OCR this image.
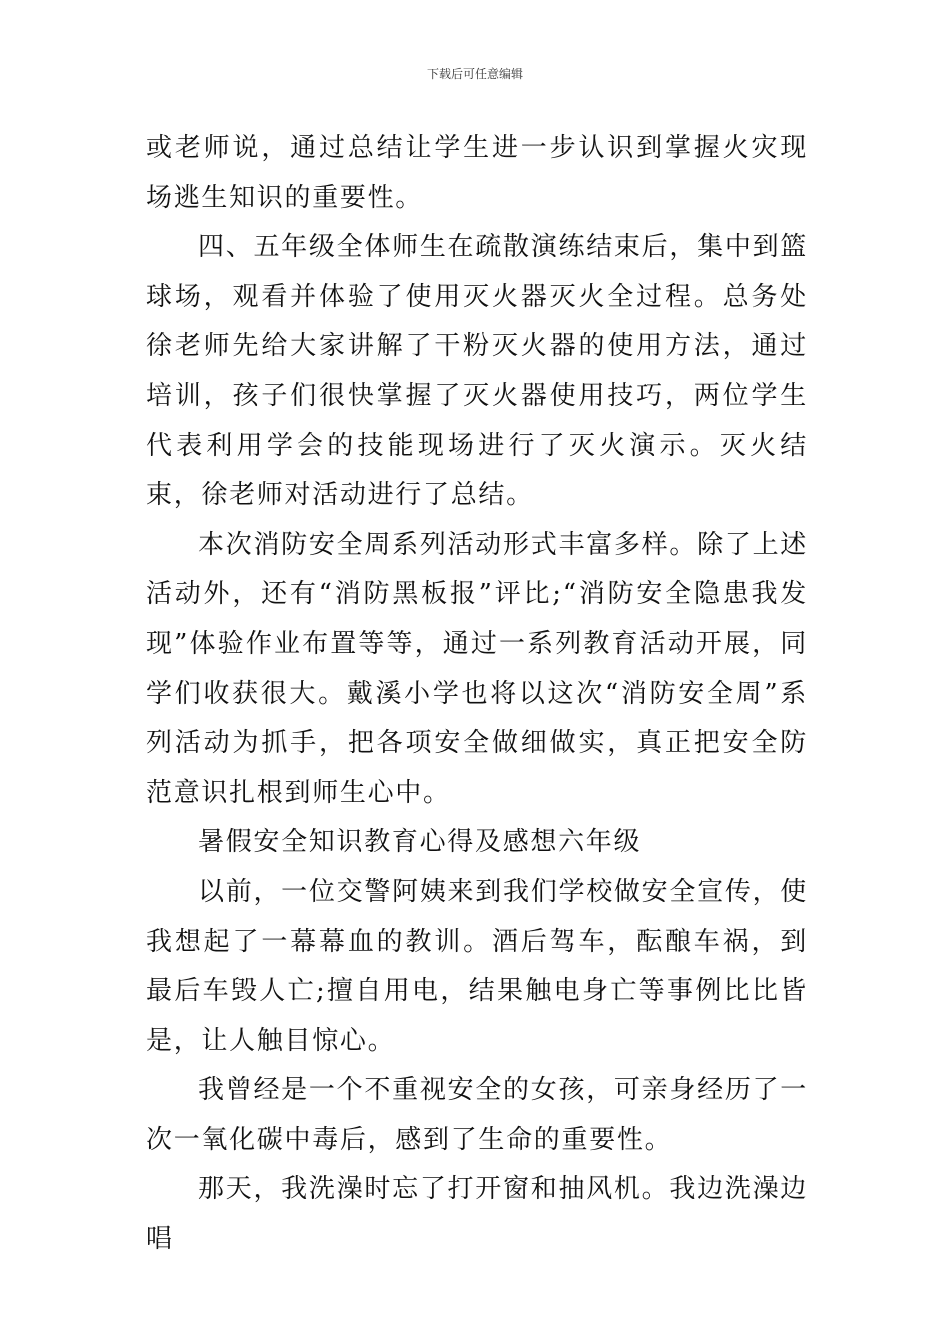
下载后可任意编辑

或老师说，通过总结让学生进一步认识到掌握火灾现场逃生知识的重要性。

四、五年级全体师生在疏散演练结束后，集中到篮球场，观看并体验了使用灭火器灭火全过程。总务处徐老师先给大家讲解了干粉灭火器的使用方法，通过培训，孩子们很快掌握了灭火器使用技巧，两位学生代表利用学会的技能现场进行了灭火演示。灭火结束，徐老师对活动进行了总结。

本次消防安全周系列活动形式丰富多样。除了上述活动外，还有“消防黑板报”评比;“消防安全隐患我发现”体验作业布置等等，通过一系列教育活动开展，同学们收获很大。戴溪小学也将以这次“消防安全周”系列活动为抓手，把各项安全做细做实，真正把安全防范意识扎根到师生心中。

暑假安全知识教育心得及感想六年级

以前，一位交警阿姨来到我们学校做安全宣传，使我想起了一幕幕血的教训。酒后驾车，酝酿车祸，到最后车毁人亡;擅自用电，结果触电身亡等事例比比皆是，让人触目惊心。

我曾经是一个不重视安全的女孩，可亲身经历了一次一氧化碳中毒后，感到了生命的重要性。

那天，我洗澡时忘了打开窗和抽风机。我边洗澡边唱
